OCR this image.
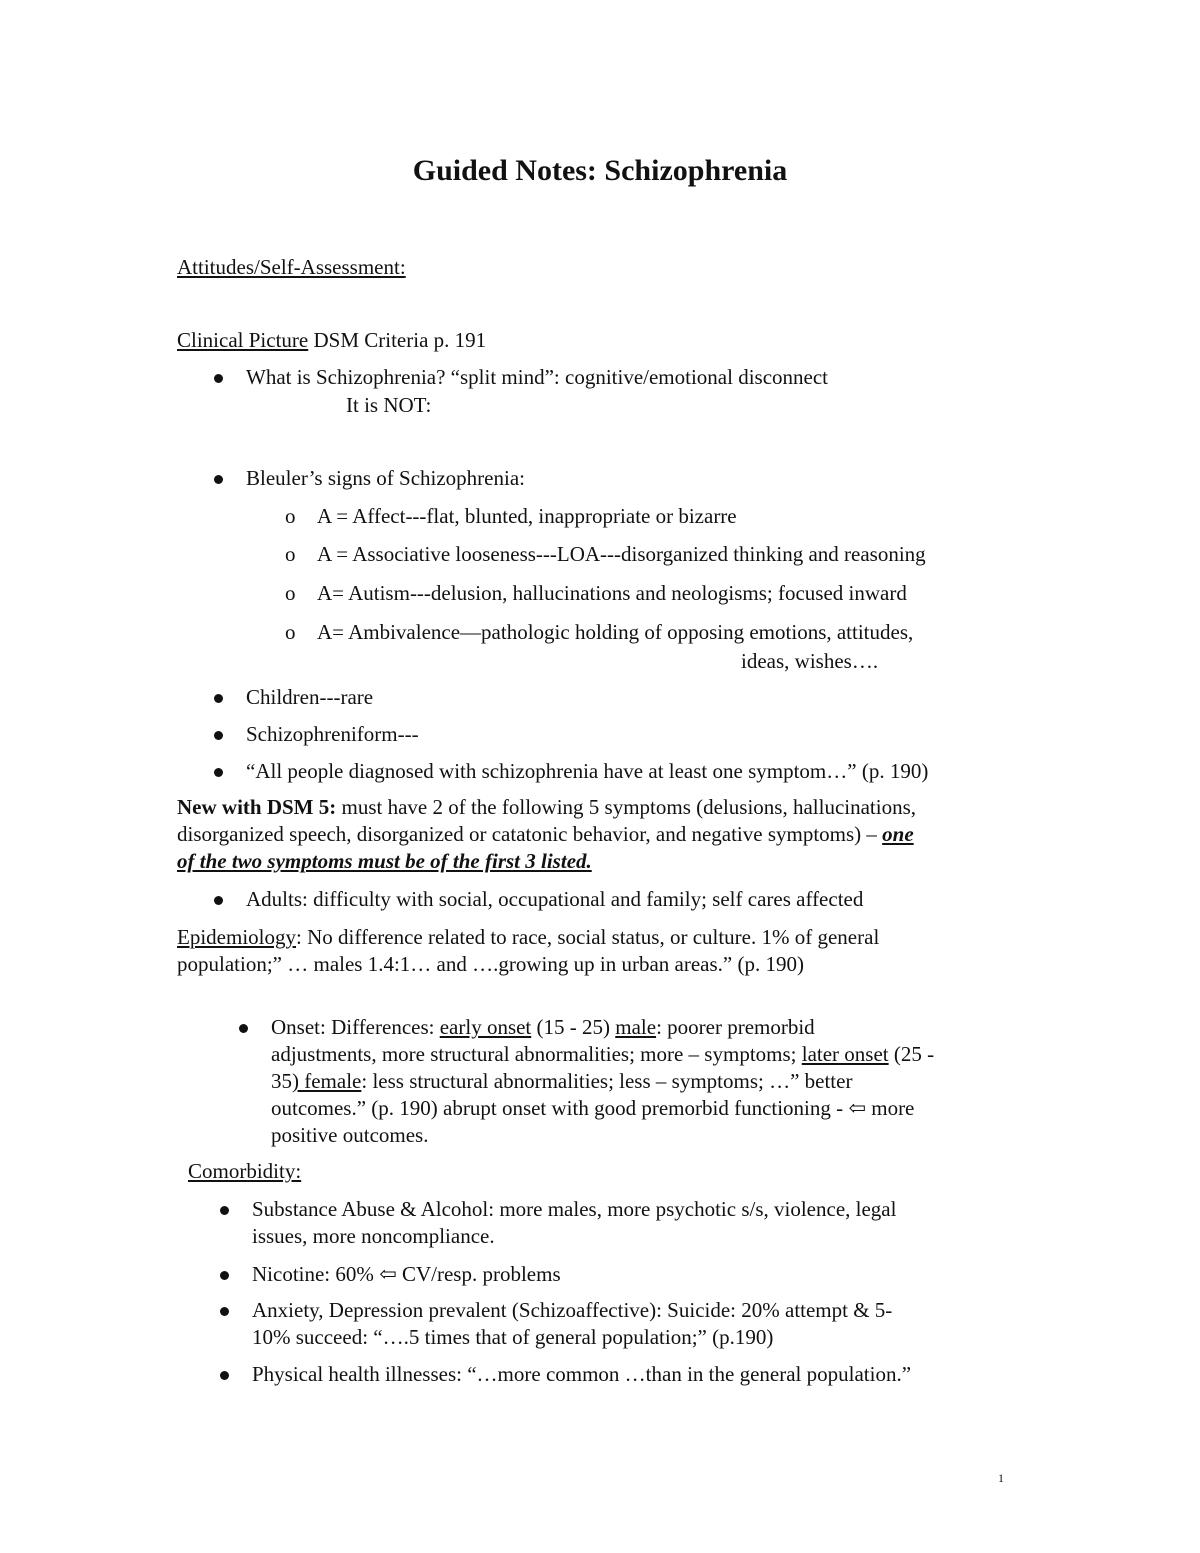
Guided Notes: Schizophrenia
Attitudes/Self-Assessment:
Clinical Picture DSM Criteria p. 191
What is Schizophrenia? “split mind”: cognitive/emotional disconnect
It is NOT:
Bleuler’s signs of Schizophrenia:
o A = Affect---flat, blunted, inappropriate or bizarre
o A = Associative looseness---LOA---disorganized thinking and reasoning
o A= Autism---delusion, hallucinations and neologisms; focused inward
o A= Ambivalence—pathologic holding of opposing emotions, attitudes,
ideas, wishes….
Children---rare
Schizophreniform---
“All people diagnosed with schizophrenia have at least one symptom…” (p. 190)
New with DSM 5: must have 2 of the following 5 symptoms (delusions, hallucinations,
disorganized speech, disorganized or catatonic behavior, and negative symptoms) – one
of the two symptoms must be of the first 3 listed.
Adults: difficulty with social, occupational and family; self cares affected
Epidemiology: No difference related to race, social status, or culture. 1% of general
population;” … males 1.4:1… and ….growing up in urban areas.” (p. 190)
Onset: Differences: early onset (15 - 25) male: poorer premorbid
adjustments, more structural abnormalities; more – symptoms; later onset (25 -
35) female: less structural abnormalities; less – symptoms; …” better
outcomes.” (p. 190) abrupt onset with good premorbid functioning - ⇦ more
positive outcomes.
Comorbidity:
Substance Abuse & Alcohol: more males, more psychotic s/s, violence, legal
issues, more noncompliance.
Nicotine: 60% ⇦ CV/resp. problems
Anxiety, Depression prevalent (Schizoaffective): Suicide: 20% attempt & 5-
10% succeed: “….5 times that of general population;” (p.190)
Physical health illnesses: “…more common …than in the general population.”
1
